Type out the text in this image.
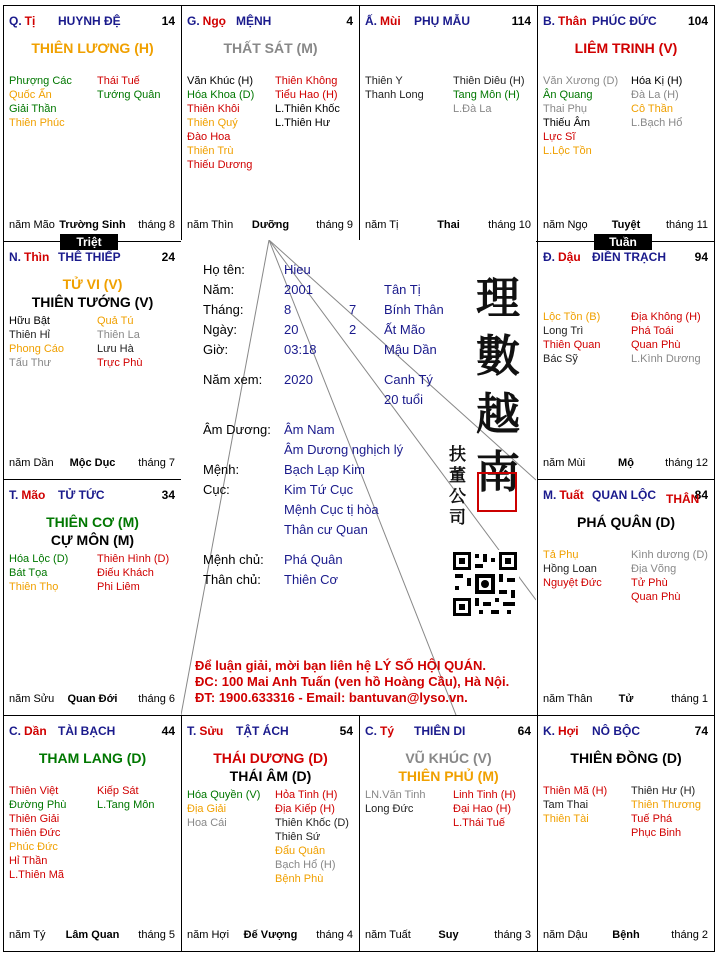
Q. Tị HUYNH ĐỆ	14
THIÊN LƯƠNG (H)
Phượng Các
Quốc Ấn
Giải Thần
Thiên Phúc
Thái Tuế
Tướng Quân
năm Mão Trường Sinh	tháng 8
G. Ngọ MỆNH	4
THẤT SÁT (M)
Văn Khúc (H)
Hóa Khoa (D)
Thiên Khôi
Thiên Quý
Đào Hoa
Thiên Trù
Thiếu Dương
Thiên Không
Tiểu Hao (H)
L.Thiên Khốc
L.Thiên Hư
năm Thìn	Dưỡng	tháng 9
Ấ. Mùi PHỤ MẪU	114
Thiên Y
Thanh Long
Thiên Diêu (H)
Tang Môn (H)
L.Đà La
năm Tị	Thai	tháng 10
B. Thân PHÚC ĐỨC	104
LIÊM TRINH (V)
Văn Xương (D)
Ân Quang
Thai Phụ
Thiếu Âm
Lực Sĩ
L.Lộc Tồn
Hóa Kị (H)
Đà La (H)
Cô Thần
L.Bạch Hổ
năm Ngọ	Tuyệt	tháng 11
N. Thìn THÊ THIẾP	24
TỬ VI (V)
THIÊN TƯỚNG (V)
Hữu Bật
Thiên Hỉ
Phong Cáo
Tấu Thư
Quả Tú
Thiên La
Lưu Hà
Trực Phù
năm Dần	Mộc Dục	tháng 7
Đ. Dậu ĐIỀN TRẠCH 94
Lộc Tồn (B)
Long Trì
Thiên Quan
Bác Sỹ
Địa Không (H)
Phá Toái
Quan Phù
L.Kình Dương
năm Mùi	Mộ	tháng 12
T. Mão TỬ TỨC	34
THIÊN CƠ (M)
CỰ MÔN (M)
Hóa Lộc (D)
Bát Tọa
Thiên Thọ
Thiên Hình (D)
Điếu Khách
Phi Liêm
năm Sửu	Quan Đới	tháng 6
M. Tuất QUAN LỘC	84
PHÁ QUÂN (D)
Tả Phụ
Hồng Loan
Nguyệt Đức
Kình dương (D)
Địa Võng
Tử Phù
Quan Phù
năm Thân	Tử	tháng 1
C. Dần TÀI BẠCH	44
THAM LANG (D)
Thiên Việt
Đường Phù
Thiên Giải
Thiên Đức
Phúc Đức
Hỉ Thần
L.Thiên Mã
Kiếp Sát
L.Tang Môn
năm Tý	Lâm Quan	tháng 5
T. Sửu TẬT ÁCH	54
THÁI DƯƠNG (D)
THÁI ÂM (D)
Hóa Quyền (V)
Địa Giải
Hoa Cái
Hỏa Tinh (H)
Địa Kiếp (H)
Thiên Khốc (D)
Thiên Sứ
Đẩu Quân
Bạch Hổ (H)
Bệnh Phù
năm Hợi	Đế Vượng	tháng 4
C. Tý THIÊN DI	64
VŨ KHÚC (V)
THIÊN PHỦ (M)
LN.Văn Tinh
Long Đức
Linh Tinh (H)
Đại Hao (H)
L.Thái Tuế
năm Tuất	Suy	tháng 3
K. Hợi NÔ BỘC	74
THIÊN ĐỒNG (D)
Thiên Mã (H)
Tam Thai
Thiên Tài
Thiên Hư (H)
Thiên Thương
Tuế Phá
Phục Binh
năm Dậu	Bệnh	tháng 2
Triệt	Tuần
THÂN
Họ tên:	Hieu
Năm:	2001	Tân Tị
Tháng:	8	7 Bính Thân
Ngày:	20	2 Ất Mão
Giờ:	03:18	Mậu Dần
Năm xem: 2020	Canh Tý
20 tuổi
Âm Dương: Âm Nam
Âm Dương nghịch lý
Mệnh:	Bạch Lạp Kim
Cục:	Kim Tứ Cục
Mệnh Cục tị hòa
Thân cư Quan
Mệnh chủ: Phá Quân
Thân chủ: Thiên Cơ
理數越南
扶董公司
Để luận giải, mời bạn liên hệ LÝ SỐ HỘI QUÁN.
ĐC: 100 Mai Anh Tuấn (ven hồ Hoàng Cầu), Hà Nội.
ĐT: 1900.633316 - Email: bantuvan@lyso.vn.
